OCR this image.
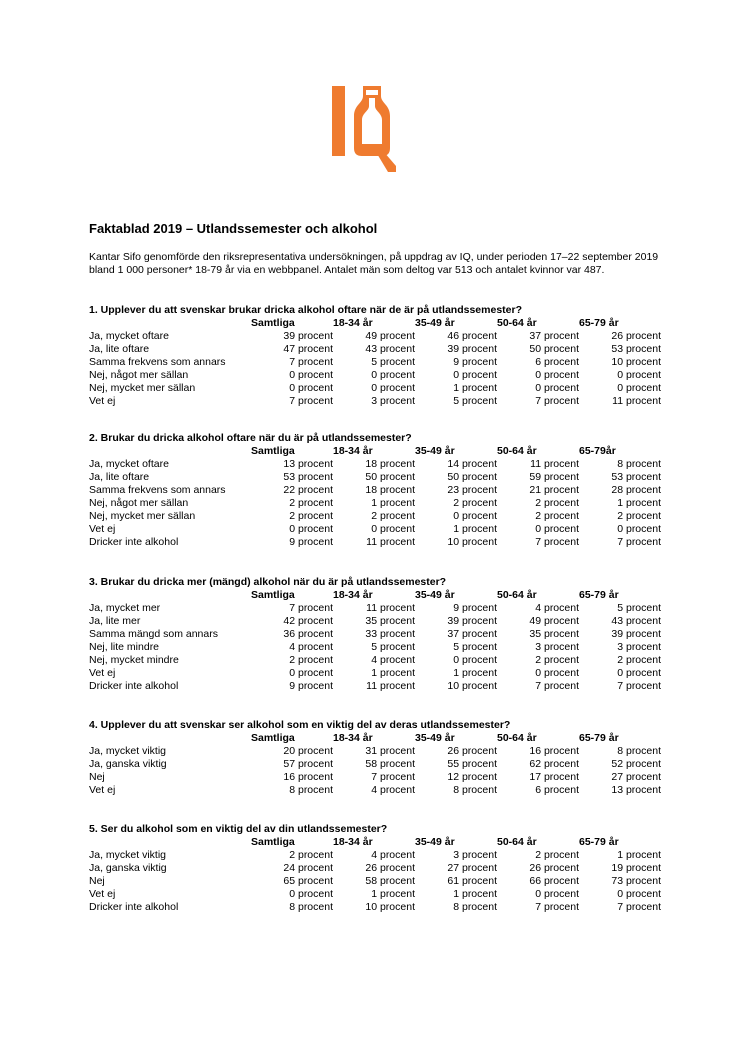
Faktablad 2019 – Utlandssemester och alkohol

Kantar Sifo genomförde den riksrepresentativa undersökningen, på uppdrag av IQ, under perioden 17–22 september 2019 bland 1 000 personer* 18-79 år via en webbpanel. Antalet män som deltog var 513 och antalet kvinnor var 487.

1. Upplever du att svenskar brukar dricka alkohol oftare när de är på utlandssemester?
	Samtliga	18-34 år	35-49 år	50-64 år	65-79 år
Ja, mycket oftare	39 procent	49 procent	46 procent	37 procent	26 procent
Ja, lite oftare	47 procent	43 procent	39 procent	50 procent	53 procent
Samma frekvens som annars	7 procent	5 procent	9 procent	6 procent	10 procent
Nej, något mer sällan	0 procent	0 procent	0 procent	0 procent	0 procent
Nej, mycket mer sällan	0 procent	0 procent	1 procent	0 procent	0 procent
Vet ej	7 procent	3 procent	5 procent	7 procent	11 procent
2. Brukar du dricka alkohol oftare när du är på utlandssemester?
	Samtliga	18-34 år	35-49 år	50-64 år	65-79år
Ja, mycket oftare	13 procent	18 procent	14 procent	11 procent	8 procent
Ja, lite oftare	53 procent	50 procent	50 procent	59 procent	53 procent
Samma frekvens som annars	22 procent	18 procent	23 procent	21 procent	28 procent
Nej, något mer sällan	2 procent	1 procent	2 procent	2 procent	1 procent
Nej, mycket mer sällan	2 procent	2 procent	0 procent	2 procent	2 procent
Vet ej	0 procent	0 procent	1 procent	0 procent	0 procent
Dricker inte alkohol	9 procent	11 procent	10 procent	7 procent	7 procent
3. Brukar du dricka mer (mängd) alkohol när du är på utlandssemester?
	Samtliga	18-34 år	35-49 år	50-64 år	65-79 år
Ja, mycket mer	7 procent	11 procent	9 procent	4 procent	5 procent
Ja, lite mer	42 procent	35 procent	39 procent	49 procent	43 procent
Samma mängd som annars	36 procent	33 procent	37 procent	35 procent	39 procent
Nej, lite mindre	4 procent	5 procent	5 procent	3 procent	3 procent
Nej, mycket mindre	2 procent	4 procent	0 procent	2 procent	2 procent
Vet ej	0 procent	1 procent	1 procent	0 procent	0 procent
Dricker inte alkohol	9 procent	11 procent	10 procent	7 procent	7 procent
4. Upplever du att svenskar ser alkohol som en viktig del av deras utlandssemester?
	Samtliga	18-34 år	35-49 år	50-64 år	65-79 år
Ja, mycket viktig	20 procent	31 procent	26 procent	16 procent	8 procent
Ja, ganska viktig	57 procent	58 procent	55 procent	62 procent	52 procent
Nej	16 procent	7 procent	12 procent	17 procent	27 procent
Vet ej	8 procent	4 procent	8 procent	6 procent	13 procent
5. Ser du alkohol som en viktig del av din utlandssemester?
	Samtliga	18-34 år	35-49 år	50-64 år	65-79 år
Ja, mycket viktig	2 procent	4 procent	3 procent	2 procent	1 procent
Ja, ganska viktig	24 procent	26 procent	27 procent	26 procent	19 procent
Nej	65 procent	58 procent	61 procent	66 procent	73 procent
Vet ej	0 procent	1 procent	1 procent	0 procent	0 procent
Dricker inte alkohol	8 procent	10 procent	8 procent	7 procent	7 procent
